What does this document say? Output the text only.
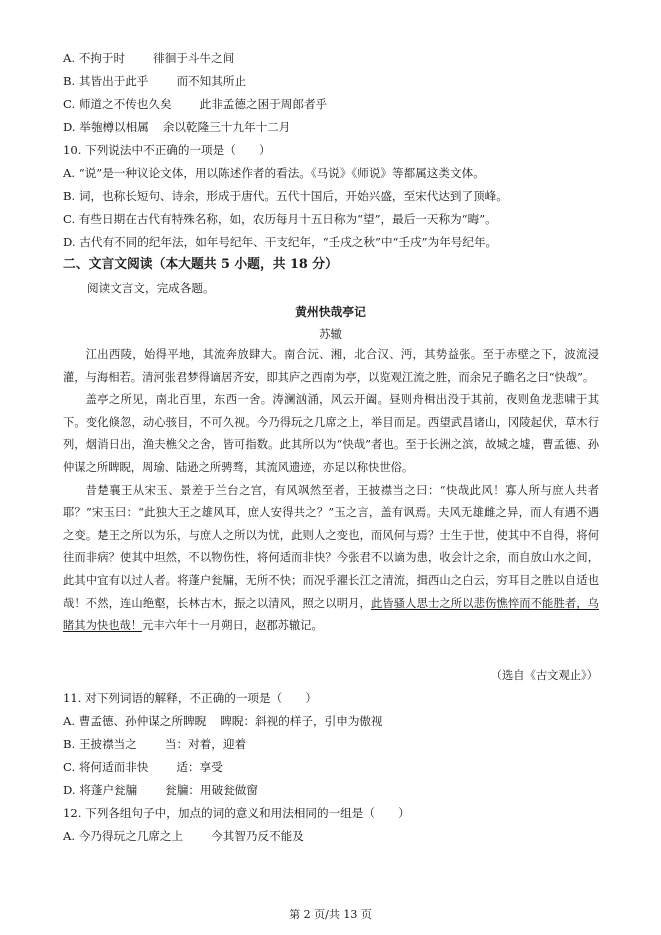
A. 不拘于时 徘徊于斗牛之间
B. 其皆出于此乎 而不知其所止
C. 师道之不传也久矣 此非孟德之困于周郎者乎
D. 举匏樽以相属 余以乾隆三十九年十二月
10. 下列说法中不正确的一项是（　　）
A. “说”是一种议论文体，用以陈述作者的看法。《马说》《师说》等都属这类文体。
B. 词，也称长短句、诗余，形成于唐代。五代十国后，开始兴盛，至宋代达到了顶峰。
C. 有些日期在古代有特殊名称，如，农历每月十五日称为“望”，最后一天称为“晦”。
D. 古代有不同的纪年法，如年号纪年、干支纪年，“壬戌之秋”中“壬戌”为年号纪年。
二、文言文阅读（本大题共 5 小题，共 18 分）
阅读文言文，完成各题。
黄州快哉亭记
苏辙

江出西陵，始得平地，其流奔放肆大。南合沅、湘，北合汉、沔，其势益张。至于赤壁之下，波流浸灌，与海相若。清河张君梦得谪居齐安，即其庐之西南为亭，以览观江流之胜，而余兄子瞻名之曰“快哉”。

盖亭之所见，南北百里，东西一舍。涛澜汹涌，风云开阖。昼则舟楫出没于其前，夜则鱼龙悲啸于其下。变化倏忽，动心骇目，不可久视。今乃得玩之几席之上，举目而足。西望武昌诸山，冈陵起伏，草木行列，烟消日出，渔夫樵父之舍，皆可指数。此其所以为“快哉”者也。至于长洲之滨，故城之墟，曹孟德、孙仲谋之所睥睨，周瑜、陆逊之所骋骛，其流风遗迹，亦足以称快世俗。

昔楚襄王从宋玉、景差于兰台之宫，有风飒然至者，王披襟当之曰：“快哉此风！寡人所与庶人共者耶？”宋玉曰：“此独大王之雄风耳，庶人安得共之？”玉之言，盖有讽焉。夫风无雄雌之异，而人有遇不遇之变。楚王之所以为乐，与庶人之所以为忧，此则人之变也，而风何与焉？士生于世，使其中不自得，将何往而非病？使其中坦然，不以物伤性，将何适而非快？今张君不以谪为患，收会计之余，而自放山水之间，此其中宜有以过人者。将蓬户瓮牖，无所不快；而况乎濯长江之清流，揖西山之白云，穷耳目之胜以自适也哉！不然，连山绝壑，长林古木，振之以清风，照之以明月，此皆骚人思士之所以悲伤憔悴而不能胜者，乌睹其为快也哉！元丰六年十一月朔日，赵郡苏辙记。

（选自《古文观止》）
11. 对下列词语的解释，不正确的一项是（　　）
A. 曹孟德、孙仲谋之所睥睨 睥睨：斜视的样子，引申为傲视
B. 王披襟当之 当：对着，迎着
C. 将何适而非快 适：享受
D. 将蓬户瓮牖 瓮牖：用破瓮做窗
12. 下列各组句子中，加点的词的意义和用法相同的一组是（　　）
A. 今乃得玩之几席之上 今其智乃反不能及
第 2 页/共 13 页
